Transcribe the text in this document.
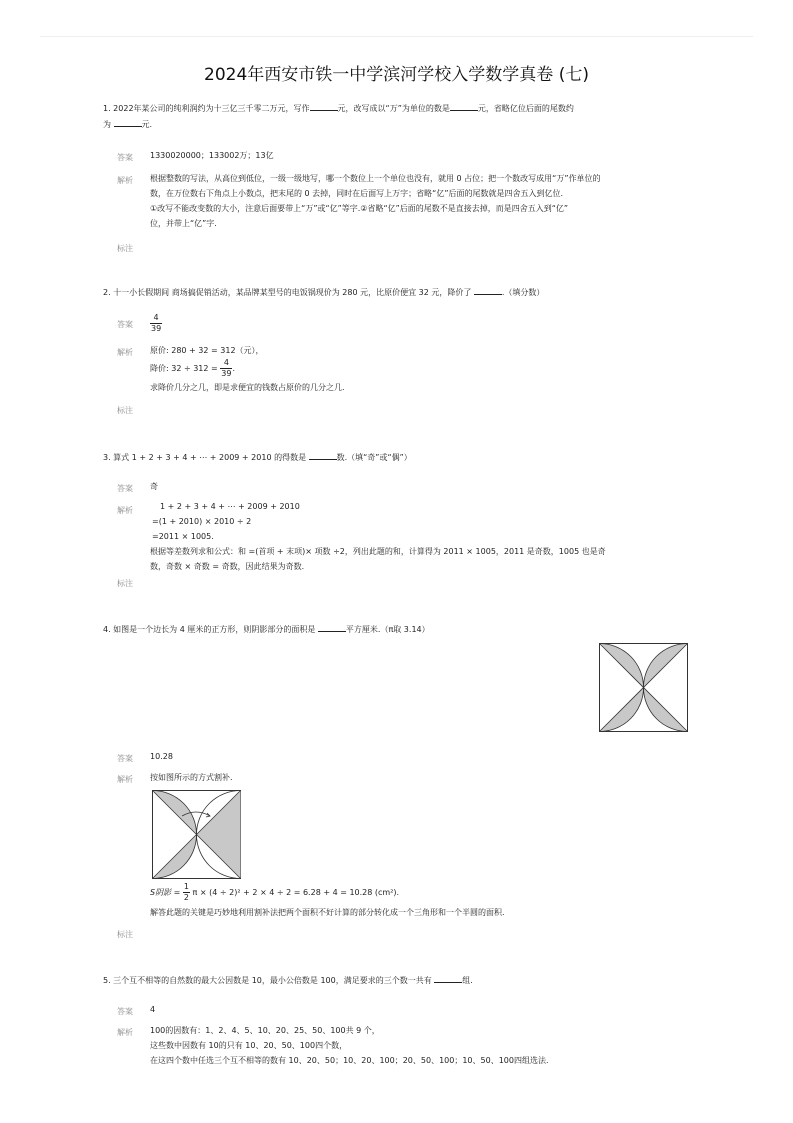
2024年西安市铁一中学滨河学校入学数学真卷 (七)
1. 2022年某公司的纯利润约为十三亿三千零二万元，写作	元，改写成以“万”为单位的数是	元，省略亿位后面的尾数约
为	元.
答案 1330020000；133002万；13亿
解析 根据整数的写法，从高位到低位，一级一级地写，哪一个数位上一个单位也没有，就用 0 占位；把一个数改写成用“万”作单位的

数，在万位数右下角点上小数点，把末尾的 0 去掉，同时在后面写上万字；省略“亿”后面的尾数就是四舍五入到亿位.

①改写不能改变数的大小，注意后面要带上“万”或“亿”等字.②省略“亿”后面的尾数不是直接去掉，而是四舍五入到“亿”

位，并带上“亿”字.

标注
2. 十一小长假期间 商场搞促销活动，某品牌某型号的电饭锅现价为 280 元，比原价便宜 32 元，降价了	.（填分数）
答案 $\frac{4}{39}$
解析 原价: 280 + 32 = 312（元），

降价: $32 \div 312 = \frac{4}{39}$ .

求降价几分之几，即是求便宜的钱数占原价的几分之几.

标注
3. 算式 1 + 2 + 3 + 4 + ⋯ + 2009 + 2010 的得数是	数.（填“奇”或“偶”）
答案 奇
解析	1 + 2 + 3 + 4 + ⋯ + 2009 + 2010

=(1 + 2010) × 2010 ÷ 2

=2011 × 1005.

根据等差数列求和公式：和 =(首项 + 末项)× 项数 ÷2，列出此题的和，计算得为 2011 × 1005，2011 是奇数，1005 也是奇

数，奇数 × 奇数 = 奇数，因此结果为奇数.

标注
4. 如图是一个边长为 4 厘米的正方形，则阴影部分的面积是	平方厘米.（π取 3.14）
答案 10.28
解析 按如图所示的方式割补.
S阴影 = $\frac{1}{2}$ π × (4 ÷ 2)² + 2 × 4 ÷ 2 = 6.28 + 4 = 10.28 (cm²).
解答此题的关键是巧妙地利用割补法把两个面积不好计算的部分转化成一个三角形和一个半圆的面积.
标注
5. 三个互不相等的自然数的最大公因数是 10，最小公倍数是 100，满足要求的三个数一共有	组.
答案 4
解析 100的因数有：1、2、4、5、10、20、25、50、100共 9 个，

这些数中因数有 10的只有 10、20、50、100四个数，

在这四个数中任选三个互不相等的数有 10、20、50；10、20、100；20、50、100；10、50、100四组选法.
